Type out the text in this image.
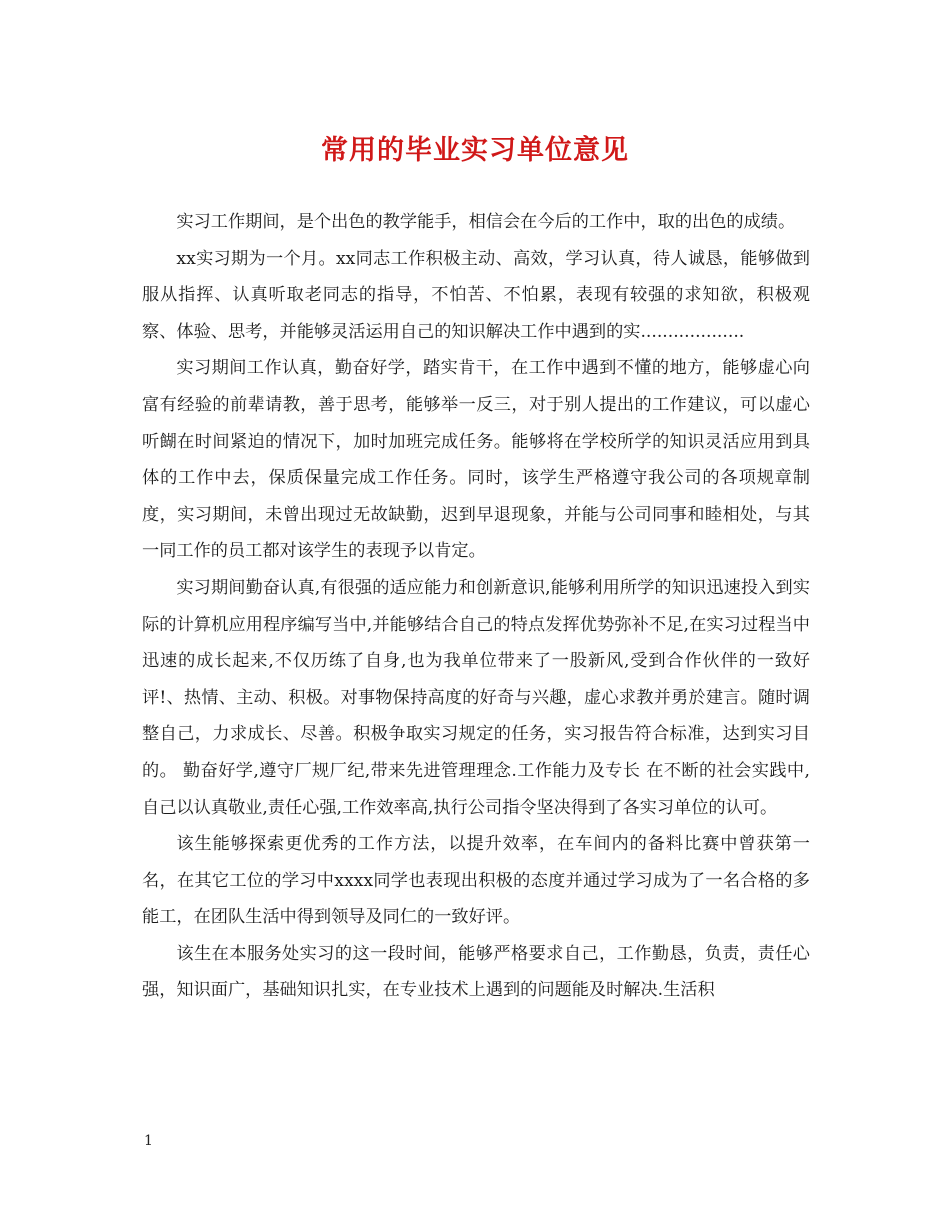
常用的毕业实习单位意见

实习工作期间，是个出色的教学能手，相信会在今后的工作中，取的出色的成绩。

xx实习期为一个月。xx同志工作积极主动、高效，学习认真，待人诚恳，能够做到服从指挥、认真听取老同志的指导，不怕苦、不怕累，表现有较强的求知欲，积极观察、体验、思考，并能够灵活运用自己的知识解决工作中遇到的实...................

实习期间工作认真，勤奋好学，踏实肯干，在工作中遇到不懂的地方，能够虚心向富有经验的前辈请教，善于思考，能够举一反三，对于别人提出的工作建议，可以虚心听餬在时间紧迫的情况下，加时加班完成任务。能够将在学校所学的知识灵活应用到具体的工作中去，保质保量完成工作任务。同时，该学生严格遵守我公司的各项规章制度，实习期间，未曾出现过无故缺勤，迟到早退现象，并能与公司同事和睦相处，与其一同工作的员工都对该学生的表现予以肯定。

实习期间勤奋认真,有很强的适应能力和创新意识,能够利用所学的知识迅速投入到实际的计算机应用程序编写当中,并能够结合自己的特点发挥优势弥补不足,在实习过程当中迅速的成长起来,不仅历练了自身,也为我单位带来了一股新风,受到合作伙伴的一致好评!、热情、主动、积极。对事物保持高度的好奇与兴趣，虚心求教并勇於建言。随时调整自己，力求成长、尽善。积极争取实习规定的任务，实习报告符合标准，达到实习目的。 勤奋好学,遵守厂规厂纪,带来先进管理理念.工作能力及专长 在不断的社会实践中,自己以认真敬业,责任心强,工作效率高,执行公司指令坚决得到了各实习单位的认可。

该生能够探索更优秀的工作方法，以提升效率，在车间内的备料比赛中曾获第一名，在其它工位的学习中xxxx同学也表现出积极的态度并通过学习成为了一名合格的多能工，在团队生活中得到领导及同仁的一致好评。

该生在本服务处实习的这一段时间，能够严格要求自己，工作勤恳，负责，责任心强，知识面广，基础知识扎实，在专业技术上遇到的问题能及时解决.生活积

1
